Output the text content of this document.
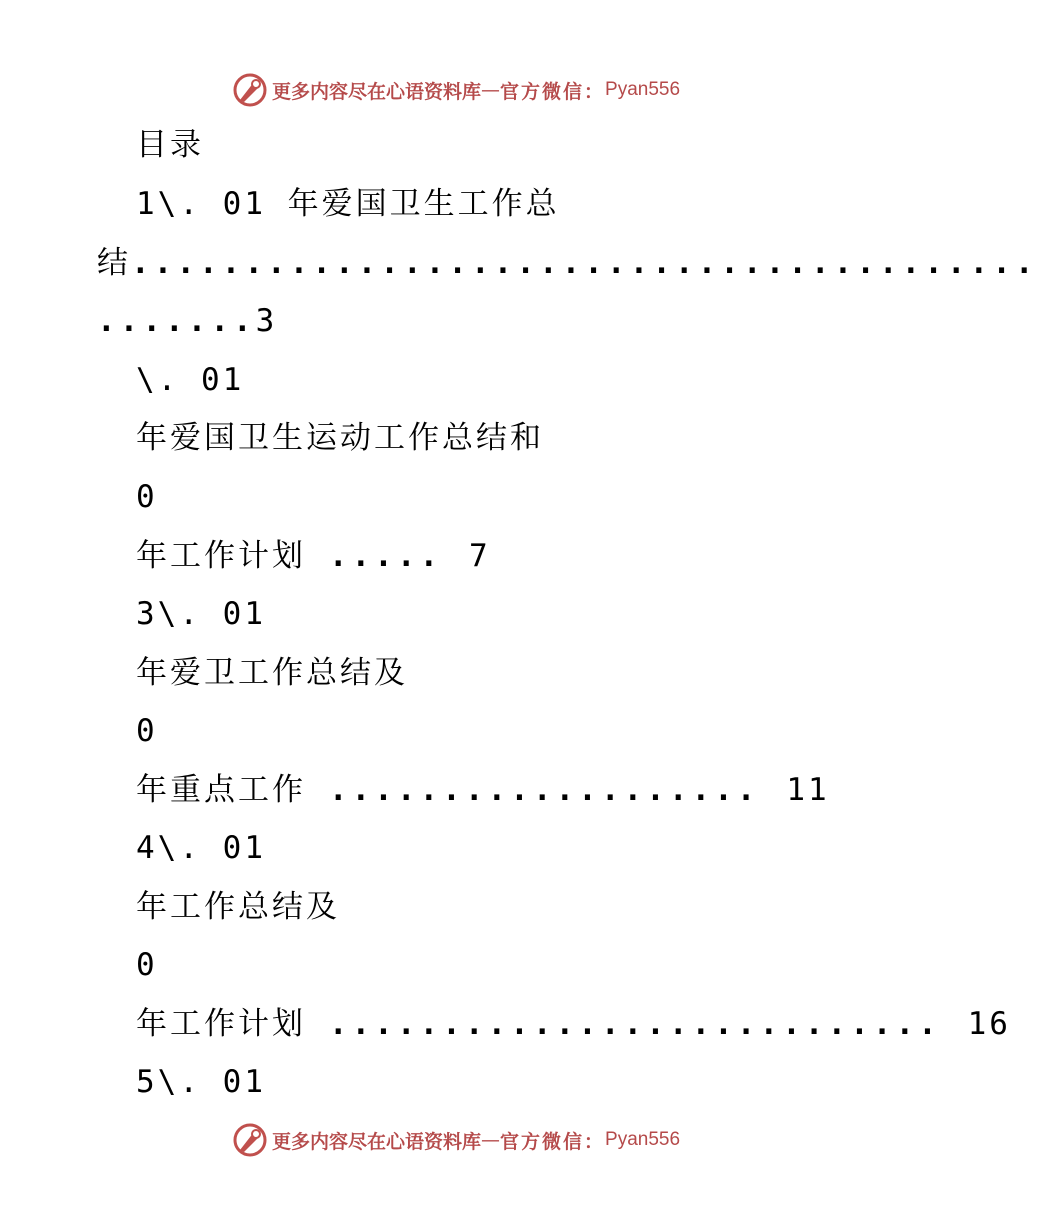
更多内容尽在心语资料库 — 官方微信： Pyan556
目录
1\. 01 年爱国卫生工作总
结........................................
.......3
\. 01
年爱国卫生运动工作总结和
0
年工作计划 ..... 7
3\. 01
年爱卫工作总结及
0
年重点工作 ................... 11
4\. 01
年工作总结及
0
年工作计划 ........................... 16
5\. 01
更多内容尽在心语资料库 — 官方微信： Pyan556
